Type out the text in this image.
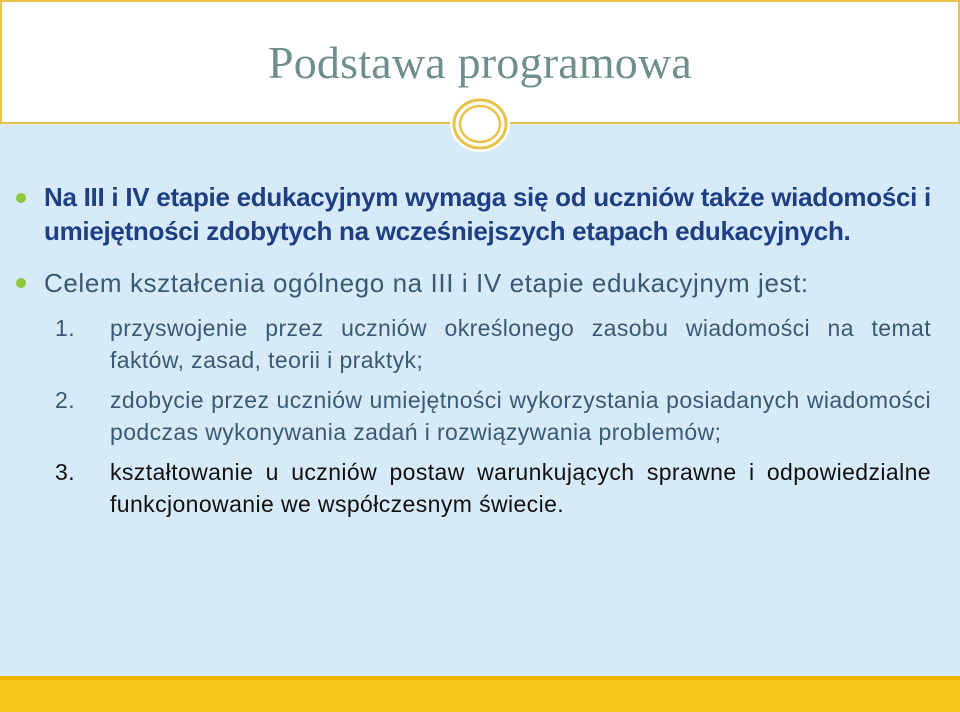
Podstawa programowa
Na III i IV etapie edukacyjnym wymaga się od uczniów także wiadomości i umiejętności zdobytych na wcześniejszych etapach edukacyjnych.
Celem kształcenia ogólnego na III i IV etapie edukacyjnym jest:
1. przyswojenie przez uczniów określonego zasobu wiadomości na temat faktów, zasad, teorii i praktyk;
2. zdobycie przez uczniów umiejętności wykorzystania posiadanych wiadomości podczas wykonywania zadań i rozwiązywania problemów;
3. kształtowanie u uczniów postaw warunkujących sprawne i odpowiedzialne funkcjonowanie we współczesnym świecie.
